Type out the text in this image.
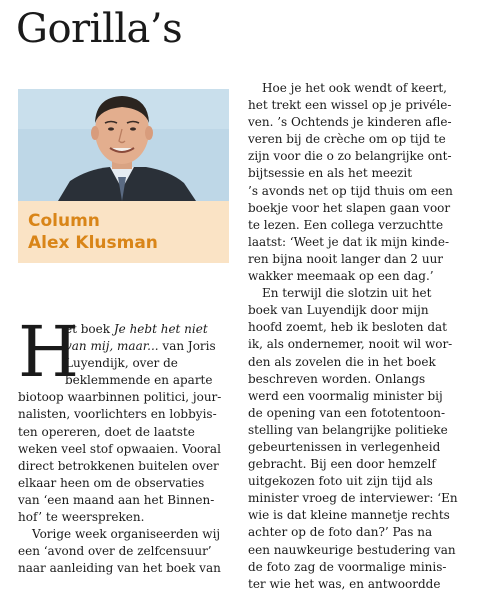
Gorilla’s
Column
Alex Klusman
H
et boek Je hebt het niet
van mij, maar... van Joris
Luyendijk, over de
beklemmende en aparte
biotoop waarbinnen politici, jour-
nalisten, voorlichters en lobbyis-
ten opereren, doet de laatste
weken veel stof opwaaien. Vooral
direct betrokkenen buitelen over
elkaar heen om de observaties
van ‘een maand aan het Binnen-
hof’ te weerspreken.
Vorige week organiseerden wij
een ‘avond over de zelfcensuur’
naar aanleiding van het boek van
Hoe je het ook wendt of keert,
het trekt een wissel op je privéle-
ven. ’s Ochtends je kinderen afle-
veren bij de crèche om op tijd te
zijn voor die o zo belangrijke ont-
bijtsessie en als het meezit
’s avonds net op tijd thuis om een
boekje voor het slapen gaan voor
te lezen. Een collega verzuchtte
laatst: ‘Weet je dat ik mijn kinde-
ren bijna nooit langer dan 2 uur
wakker meemaak op een dag.’
En terwijl die slotzin uit het
boek van Luyendijk door mijn
hoofd zoemt, heb ik besloten dat
ik, als ondernemer, nooit wil wor-
den als zovelen die in het boek
beschreven worden. Onlangs
werd een voormalig minister bij
de opening van een fototentoon-
stelling van belangrijke politieke
gebeurtenissen in verlegenheid
gebracht. Bij een door hemzelf
uitgekozen foto uit zijn tijd als
minister vroeg de interviewer: ‘En
wie is dat kleine mannetje rechts
achter op de foto dan?’ Pas na
een nauwkeurige bestudering van
de foto zag de voormalige minis-
ter wie het was, en antwoordde
